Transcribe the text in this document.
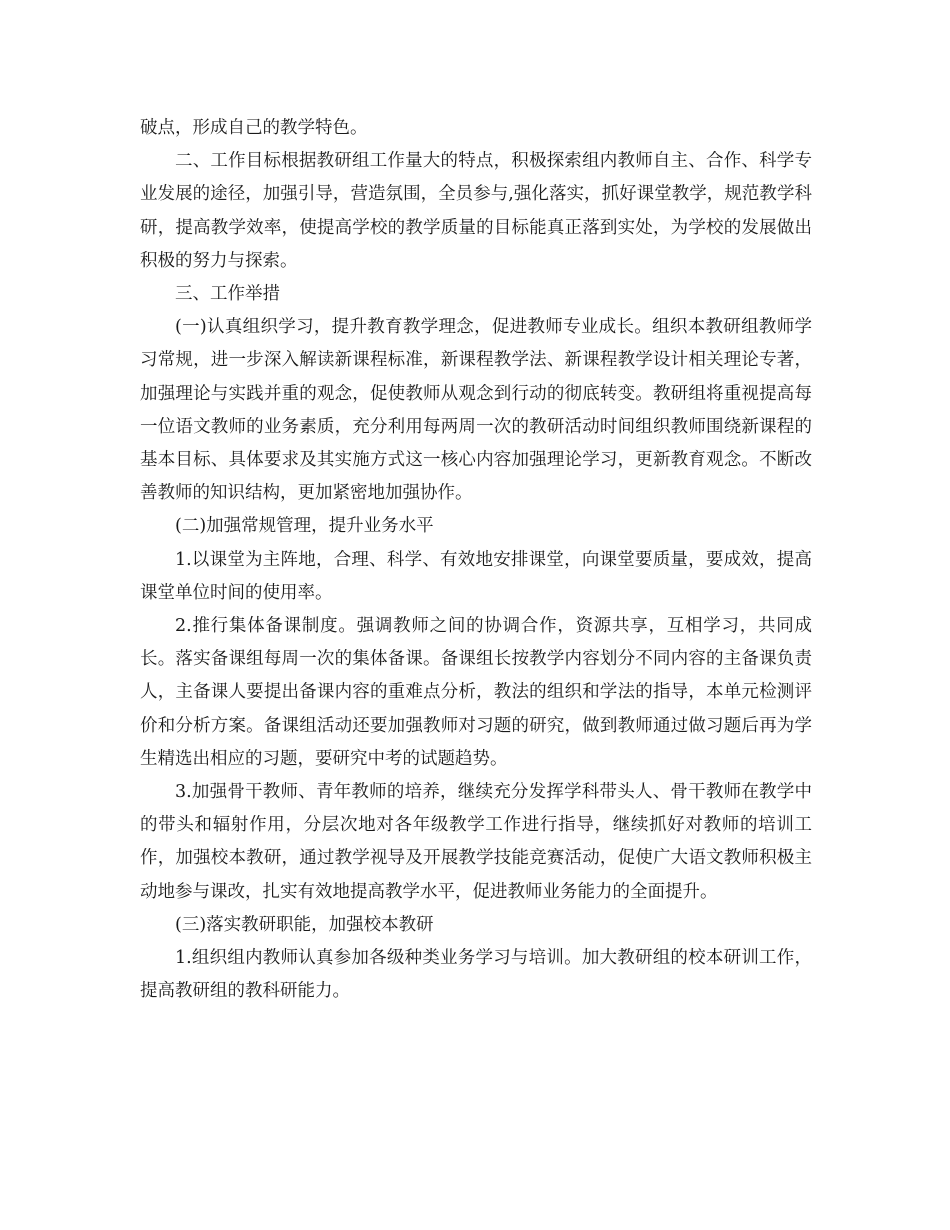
破点，形成自己的教学特色。

二、工作目标根据教研组工作量大的特点，积极探索组内教师自主、合作、科学专业发展的途径，加强引导，营造氛围，全员参与,强化落实，抓好课堂教学，规范教学科研，提高教学效率，使提高学校的教学质量的目标能真正落到实处，为学校的发展做出积极的努力与探索。

三、工作举措

(一)认真组织学习，提升教育教学理念，促进教师专业成长。组织本教研组教师学习常规，进一步深入解读新课程标准，新课程教学法、新课程教学设计相关理论专著，加强理论与实践并重的观念，促使教师从观念到行动的彻底转变。教研组将重视提高每一位语文教师的业务素质，充分利用每两周一次的教研活动时间组织教师围绕新课程的基本目标、具体要求及其实施方式这一核心内容加强理论学习，更新教育观念。不断改善教师的知识结构，更加紧密地加强协作。

(二)加强常规管理，提升业务水平

1.以课堂为主阵地，合理、科学、有效地安排课堂，向课堂要质量，要成效，提高课堂单位时间的使用率。

2.推行集体备课制度。强调教师之间的协调合作，资源共享，互相学习，共同成长。落实备课组每周一次的集体备课。备课组长按教学内容划分不同内容的主备课负责人，主备课人要提出备课内容的重难点分析，教法的组织和学法的指导，本单元检测评价和分析方案。备课组活动还要加强教师对习题的研究，做到教师通过做习题后再为学生精选出相应的习题，要研究中考的试题趋势。

3.加强骨干教师、青年教师的培养，继续充分发挥学科带头人、骨干教师在教学中的带头和辐射作用，分层次地对各年级教学工作进行指导，继续抓好对教师的培训工作，加强校本教研，通过教学视导及开展教学技能竞赛活动，促使广大语文教师积极主动地参与课改，扎实有效地提高教学水平，促进教师业务能力的全面提升。

(三)落实教研职能，加强校本教研

1.组织组内教师认真参加各级种类业务学习与培训。加大教研组的校本研训工作，提高教研组的教科研能力。
